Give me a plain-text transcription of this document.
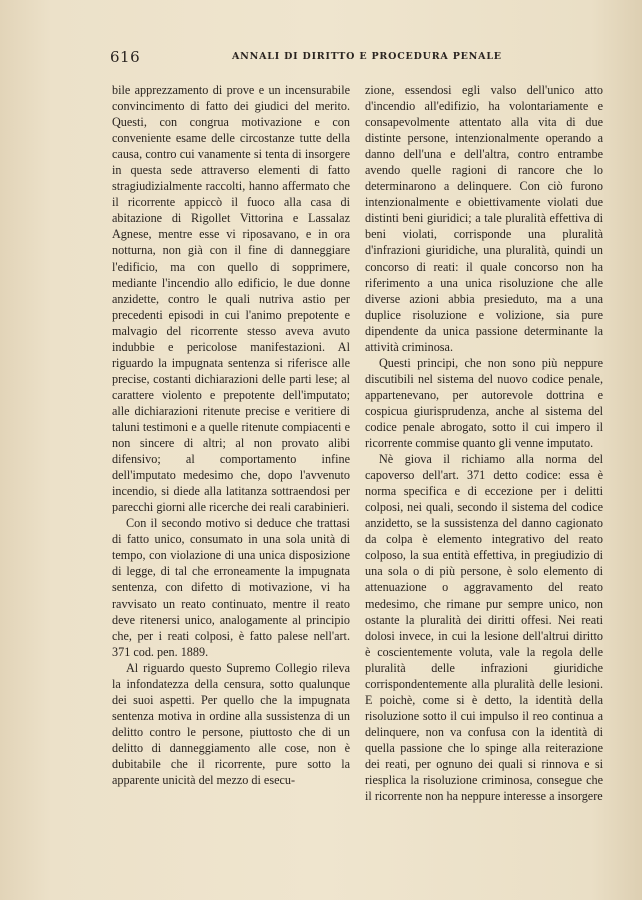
616	ANNALI DI DIRITTO E PROCEDURA PENALE

bile apprezzamento di prove e un incensurabile convincimento di fatto dei giudici del merito. Questi, con congrua motivazione e con conveniente esame delle circostanze tutte della causa, contro cui vanamente si tenta di insorgere in questa sede attraverso elementi di fatto stragiudizialmente raccolti, hanno affermato che il ricorrente appiccò il fuoco alla casa di abitazione di Rigollet Vittorina e Lassalaz Agnese, mentre esse vi riposavano, e in ora notturna, non già con il fine di danneggiare l'edificio, ma con quello di sopprimere, mediante l'incendio allo edificio, le due donne anzidette, contro le quali nutriva astio per precedenti episodi in cui l'animo prepotente e malvagio del ricorrente stesso aveva avuto indubbie e pericolose manifestazioni. Al riguardo la impugnata sentenza si riferisce alle precise, costanti dichiarazioni delle parti lese; al carattere violento e prepotente dell'imputato; alle dichiarazioni ritenute precise e veritiere di taluni testimoni e a quelle ritenute compiacenti e non sincere di altri; al non provato alibi difensivo; al comportamento infine dell'imputato medesimo che, dopo l'avvenuto incendio, si diede alla latitanza sottraendosi per parecchi giorni alle ricerche dei reali carabinieri.

Con il secondo motivo si deduce che trattasi di fatto unico, consumato in una sola unità di tempo, con violazione di una unica disposizione di legge, di tal che erroneamente la impugnata sentenza, con difetto di motivazione, vi ha ravvisato un reato continuato, mentre il reato deve ritenersi unico, analogamente al principio che, per i reati colposi, è fatto palese nell'art. 371 cod. pen. 1889.

Al riguardo questo Supremo Collegio rileva la infondatezza della censura, sotto qualunque dei suoi aspetti. Per quello che la impugnata sentenza motiva in ordine alla sussistenza di un delitto contro le persone, piuttosto che di un delitto di danneggiamento alle cose, non è dubitabile che il ricorrente, pure sotto la apparente unicità del mezzo di esecu-

zione, essendosi egli valso dell'unico atto d'incendio all'edifizio, ha volontariamente e consapevolmente attentato alla vita di due distinte persone, intenzionalmente operando a danno dell'una e dell'altra, contro entrambe avendo quelle ragioni di rancore che lo determinarono a delinquere. Con ciò furono intenzionalmente e obiettivamente violati due distinti beni giuridici; a tale pluralità effettiva di beni violati, corrisponde una pluralità d'infrazioni giuridiche, una pluralità, quindi un concorso di reati: il quale concorso non ha riferimento a una unica risoluzione che alle diverse azioni abbia presieduto, ma a una duplice risoluzione e volizione, sia pure dipendente da unica passione determinante la attività criminosa.

Questi principi, che non sono più neppure discutibili nel sistema del nuovo codice penale, appartenevano, per autorevole dottrina e cospicua giurisprudenza, anche al sistema del codice penale abrogato, sotto il cui impero il ricorrente commise quanto gli venne imputato.

Nè giova il richiamo alla norma del capoverso dell'art. 371 detto codice: essa è norma specifica e di eccezione per i delitti colposi, nei quali, secondo il sistema del codice anzidetto, se la sussistenza del danno cagionato da colpa è elemento integrativo del reato colposo, la sua entità effettiva, in pregiudizio di una sola o di più persone, è solo elemento di attenuazione o aggravamento del reato medesimo, che rimane pur sempre unico, non ostante la pluralità dei diritti offesi. Nei reati dolosi invece, in cui la lesione dell'altrui diritto è coscientemente voluta, vale la regola delle pluralità delle infrazioni giuridiche corrispondentemente alla pluralità delle lesioni. E poichè, come si è detto, la identità della risoluzione sotto il cui impulso il reo continua a delinquere, non va confusa con la identità di quella passione che lo spinge alla reiterazione dei reati, per ognuno dei quali si rinnova e si riesplica la risoluzione criminosa, consegue che il ricorrente non ha neppure interesse a insorgere
